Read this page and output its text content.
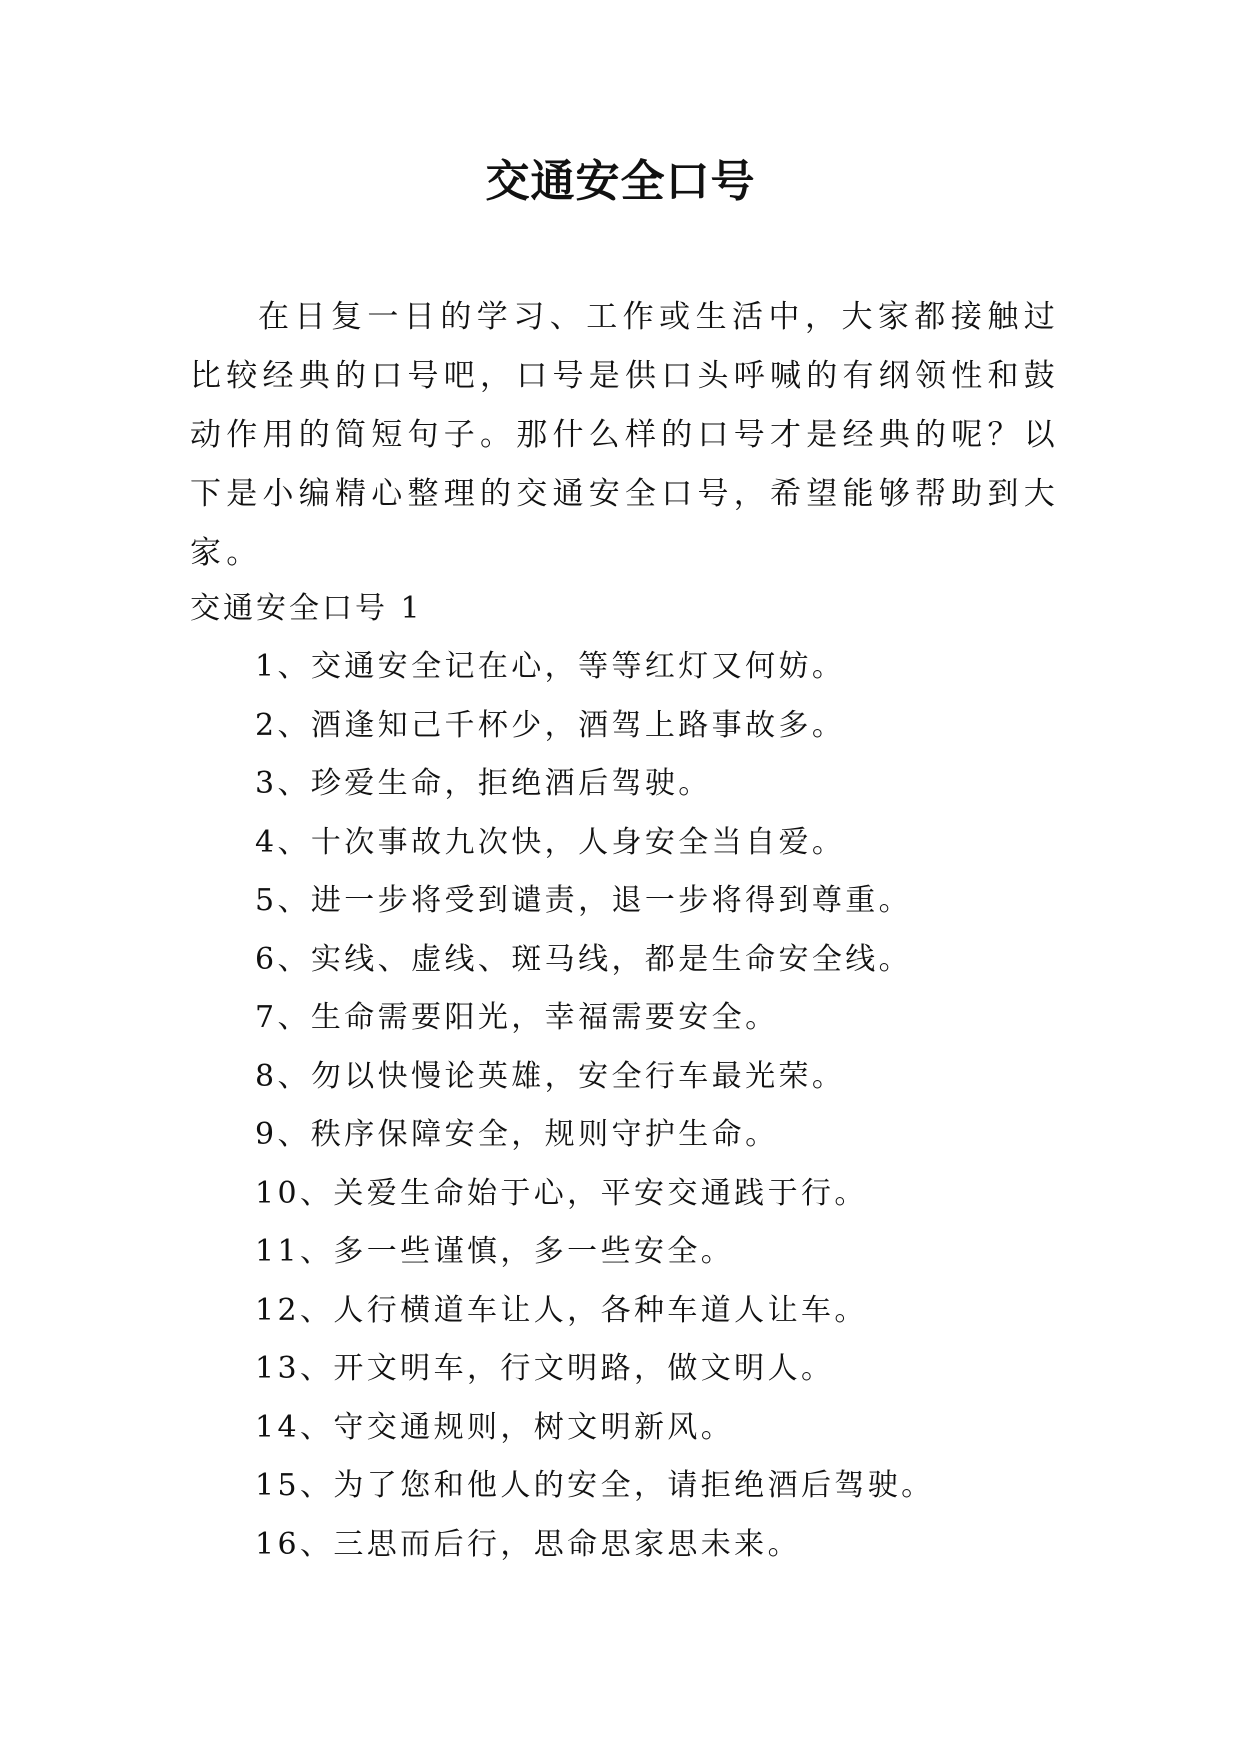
交通安全口号

在日复一日的学习、工作或生活中，大家都接触过比较经典的口号吧，口号是供口头呼喊的有纲领性和鼓动作用的简短句子。那什么样的口号才是经典的呢？以下是小编精心整理的交通安全口号，希望能够帮助到大家。

交通安全口号 1

1、交通安全记在心，等等红灯又何妨。
2、酒逢知己千杯少，酒驾上路事故多。
3、珍爱生命，拒绝酒后驾驶。
4、十次事故九次快，人身安全当自爱。
5、进一步将受到谴责，退一步将得到尊重。
6、实线、虚线、斑马线，都是生命安全线。
7、生命需要阳光，幸福需要安全。
8、勿以快慢论英雄，安全行车最光荣。
9、秩序保障安全，规则守护生命。
10、关爱生命始于心，平安交通践于行。
11、多一些谨慎，多一些安全。
12、人行横道车让人，各种车道人让车。
13、开文明车，行文明路，做文明人。
14、守交通规则，树文明新风。
15、为了您和他人的安全，请拒绝酒后驾驶。
16、三思而后行，思命思家思未来。
